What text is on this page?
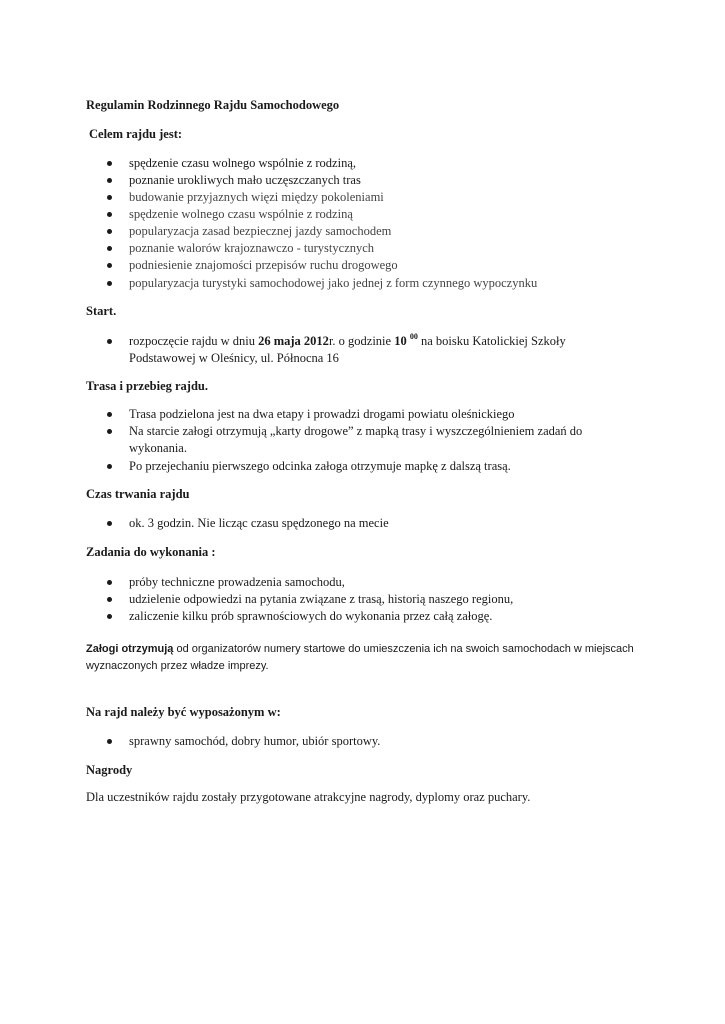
Regulamin Rodzinnego Rajdu Samochodowego
Celem rajdu jest:
spędzenie czasu wolnego wspólnie z rodziną,
poznanie urokliwych mało uczęszczanych tras
budowanie przyjaznych więzi między pokoleniami
spędzenie wolnego czasu wspólnie z rodziną
popularyzacja zasad bezpiecznej jazdy samochodem
poznanie walorów krajoznawczo - turystycznych
podniesienie znajomości przepisów ruchu drogowego
popularyzacja turystyki samochodowej jako jednej z form czynnego wypoczynku
Start.
rozpoczęcie rajdu w dniu 26 maja 2012r. o godzinie 10 $^{00}$ na boisku Katolickiej Szkoły
Podstawowej w Oleśnicy, ul. Północna 16
Trasa i przebieg rajdu.
Trasa podzielona jest na dwa etapy i prowadzi drogami powiatu oleśnickiego
Na starcie załogi otrzymują „karty drogowe” z mapką trasy i wyszczególnieniem zadań do
wykonania.
Po przejechaniu pierwszego odcinka załoga otrzymuje mapkę z dalszą trasą.
Czas trwania rajdu
ok. 3 godzin. Nie licząc czasu spędzonego na mecie
Zadania do wykonania :
próby techniczne prowadzenia samochodu,
udzielenie odpowiedzi na pytania związane z trasą, historią naszego regionu,
zaliczenie kilku prób sprawnościowych do wykonania przez całą załogę.
Załogi otrzymują od organizatorów numery startowe do umieszczenia ich na swoich samochodach w miejscach
wyznaczonych przez władze imprezy.
Na rajd należy być wyposażonym w:
sprawny samochód, dobry humor, ubiór sportowy.
Nagrody
Dla uczestników rajdu zostały przygotowane atrakcyjne nagrody, dyplomy oraz puchary.
